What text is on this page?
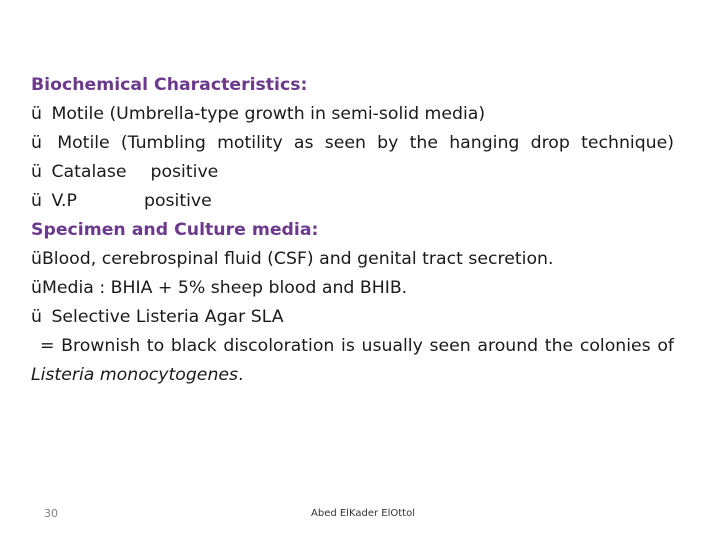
Biochemical Characteristics:
ü Motile (Umbrella-type growth in semi-solid media)
ü Motile (Tumbling motility as seen by the hanging drop technique)
ü Catalase positive
ü V.P	positive
Specimen and Culture media:
üBlood, cerebrospinal fluid (CSF) and genital tract secretion.
üMedia : BHIA + 5% sheep blood and BHIB.
ü Selective Listeria Agar SLA
= Brownish to black discoloration is usually seen around the colonies of Listeria monocytogenes.
30	Abed ElKader ElOttol
